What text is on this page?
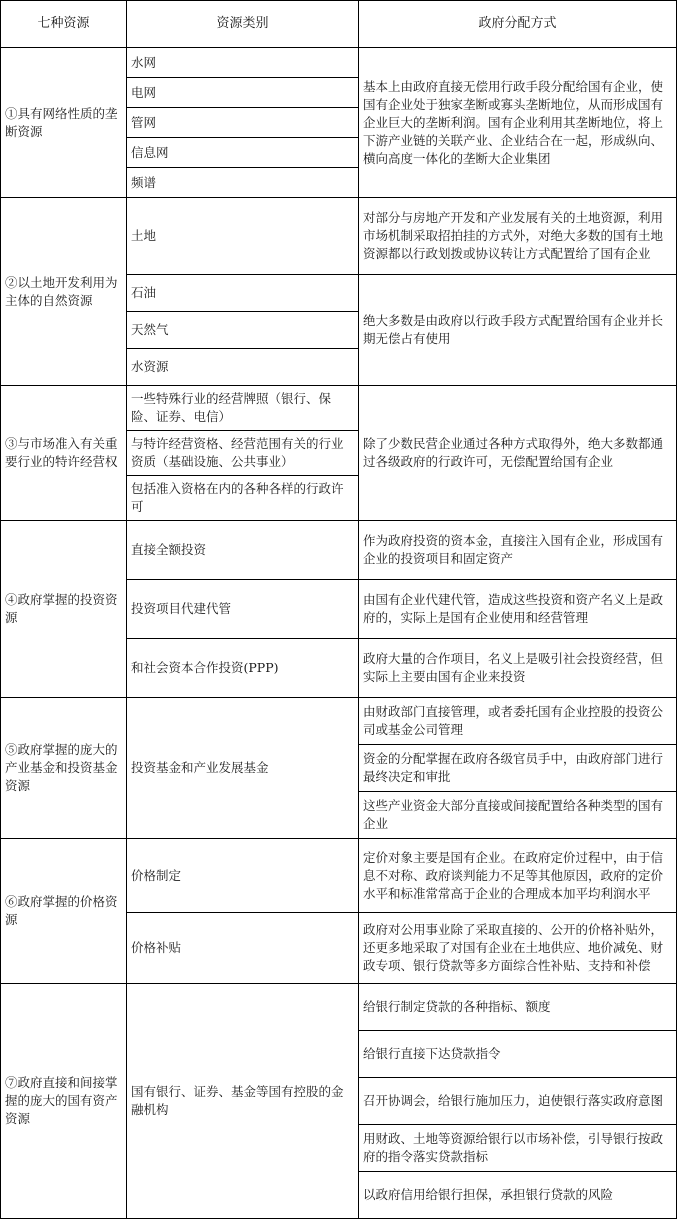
七种资源	资源类别	政府分配方式
①具有网络性质的垄断资源	水网	基本上由政府直接无偿用行政手段分配给国有企业，使国有企业处于独家垄断或寡头垄断地位，从而形成国有企业巨大的垄断利润。国有企业利用其垄断地位，将上下游产业链的关联产业、企业结合在一起，形成纵向、横向高度一体化的垄断大企业集团
	电网	
	管网	
	信息网	
	频谱	
②以土地开发利用为主体的自然资源	土地	对部分与房地产开发和产业发展有关的土地资源，利用市场机制采取招拍挂的方式外，对绝大多数的国有土地资源都以行政划拨或协议转让方式配置给了国有企业
	石油	绝大多数是由政府以行政手段方式配置给国有企业并长期无偿占有使用
	天然气	
	水资源	
③与市场准入有关重要行业的特许经营权	一些特殊行业的经营牌照（银行、保险、证券、电信）	除了少数民营企业通过各种方式取得外，绝大多数都通过各级政府的行政许可，无偿配置给国有企业
	与特许经营资格、经营范围有关的行业资质（基础设施、公共事业）	
	包括准入资格在内的各种各样的行政许可	
④政府掌握的投资资源	直接全额投资	作为政府投资的资本金，直接注入国有企业，形成国有企业的投资项目和固定资产
	投资项目代建代管	由国有企业代建代管，造成这些投资和资产名义上是政府的，实际上是国有企业使用和经营管理
	和社会资本合作投资(PPP)	政府大量的合作项目，名义上是吸引社会投资经营，但实际上主要由国有企业来投资
⑤政府掌握的庞大的产业基金和投资基金资源	投资基金和产业发展基金	由财政部门直接管理，或者委托国有企业控股的投资公司或基金公司管理
		资金的分配掌握在政府各级官员手中，由政府部门进行最终决定和审批
		这些产业资金大部分直接或间接配置给各种类型的国有企业
⑥政府掌握的价格资源	价格制定	定价对象主要是国有企业。在政府定价过程中，由于信息不对称、政府谈判能力不足等其他原因，政府的定价水平和标准常常高于企业的合理成本加平均利润水平
	价格补贴	政府对公用事业除了采取直接的、公开的价格补贴外，还更多地采取了对国有企业在土地供应、地价减免、财政专项、银行贷款等多方面综合性补贴、支持和补偿
⑦政府直接和间接掌握的庞大的国有资产资源	国有银行、证券、基金等国有控股的金融机构	给银行制定贷款的各种指标、额度
		给银行直接下达贷款指令
		召开协调会，给银行施加压力，迫使银行落实政府意图
		用财政、土地等资源给银行以市场补偿，引导银行按政府的指令落实贷款指标
		以政府信用给银行担保，承担银行贷款的风险
